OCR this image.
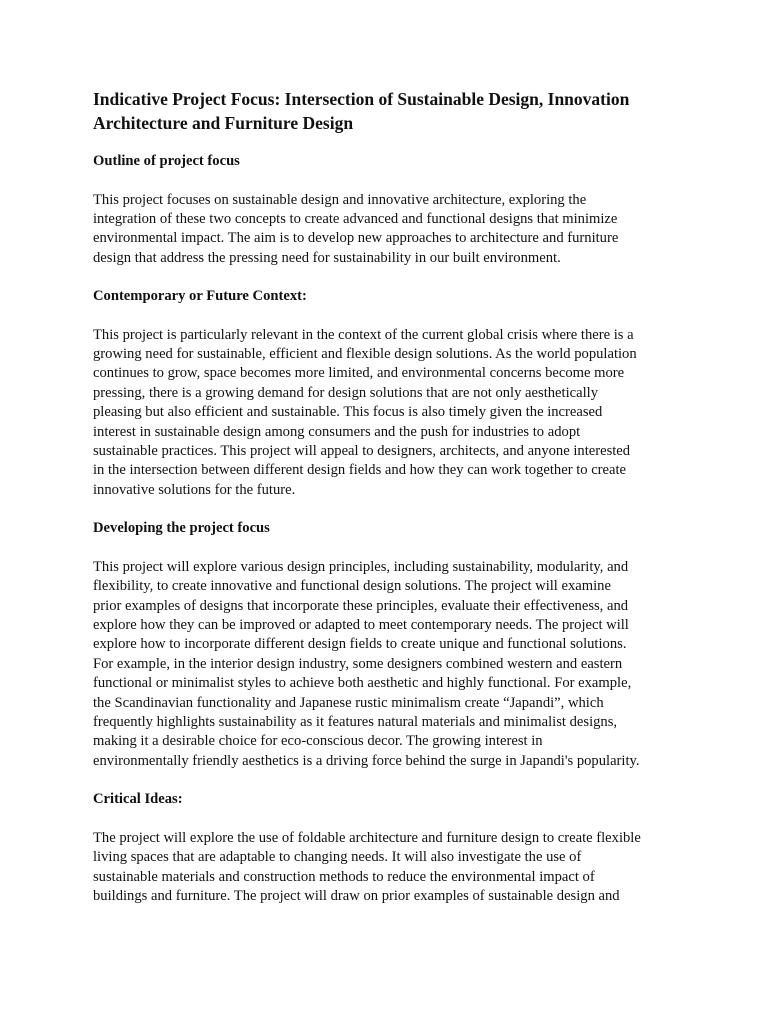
Indicative Project Focus: Intersection of Sustainable Design, Innovation
Architecture and Furniture Design
Outline of project focus

This project focuses on sustainable design and innovative architecture, exploring the
integration of these two concepts to create advanced and functional designs that minimize
environmental impact. The aim is to develop new approaches to architecture and furniture
design that address the pressing need for sustainability in our built environment.

Contemporary or Future Context:

This project is particularly relevant in the context of the current global crisis where there is a
growing need for sustainable, efficient and flexible design solutions. As the world population
continues to grow, space becomes more limited, and environmental concerns become more
pressing, there is a growing demand for design solutions that are not only aesthetically
pleasing but also efficient and sustainable. This focus is also timely given the increased
interest in sustainable design among consumers and the push for industries to adopt
sustainable practices. This project will appeal to designers, architects, and anyone interested
in the intersection between different design fields and how they can work together to create
innovative solutions for the future.

Developing the project focus

This project will explore various design principles, including sustainability, modularity, and
flexibility, to create innovative and functional design solutions. The project will examine
prior examples of designs that incorporate these principles, evaluate their effectiveness, and
explore how they can be improved or adapted to meet contemporary needs. The project will
explore how to incorporate different design fields to create unique and functional solutions.
For example, in the interior design industry, some designers combined western and eastern
functional or minimalist styles to achieve both aesthetic and highly functional. For example,
the Scandinavian functionality and Japanese rustic minimalism create “Japandi”, which
frequently highlights sustainability as it features natural materials and minimalist designs,
making it a desirable choice for eco-conscious decor. The growing interest in
environmentally friendly aesthetics is a driving force behind the surge in Japandi's popularity.

Critical Ideas:

The project will explore the use of foldable architecture and furniture design to create flexible
living spaces that are adaptable to changing needs. It will also investigate the use of
sustainable materials and construction methods to reduce the environmental impact of
buildings and furniture. The project will draw on prior examples of sustainable design and
